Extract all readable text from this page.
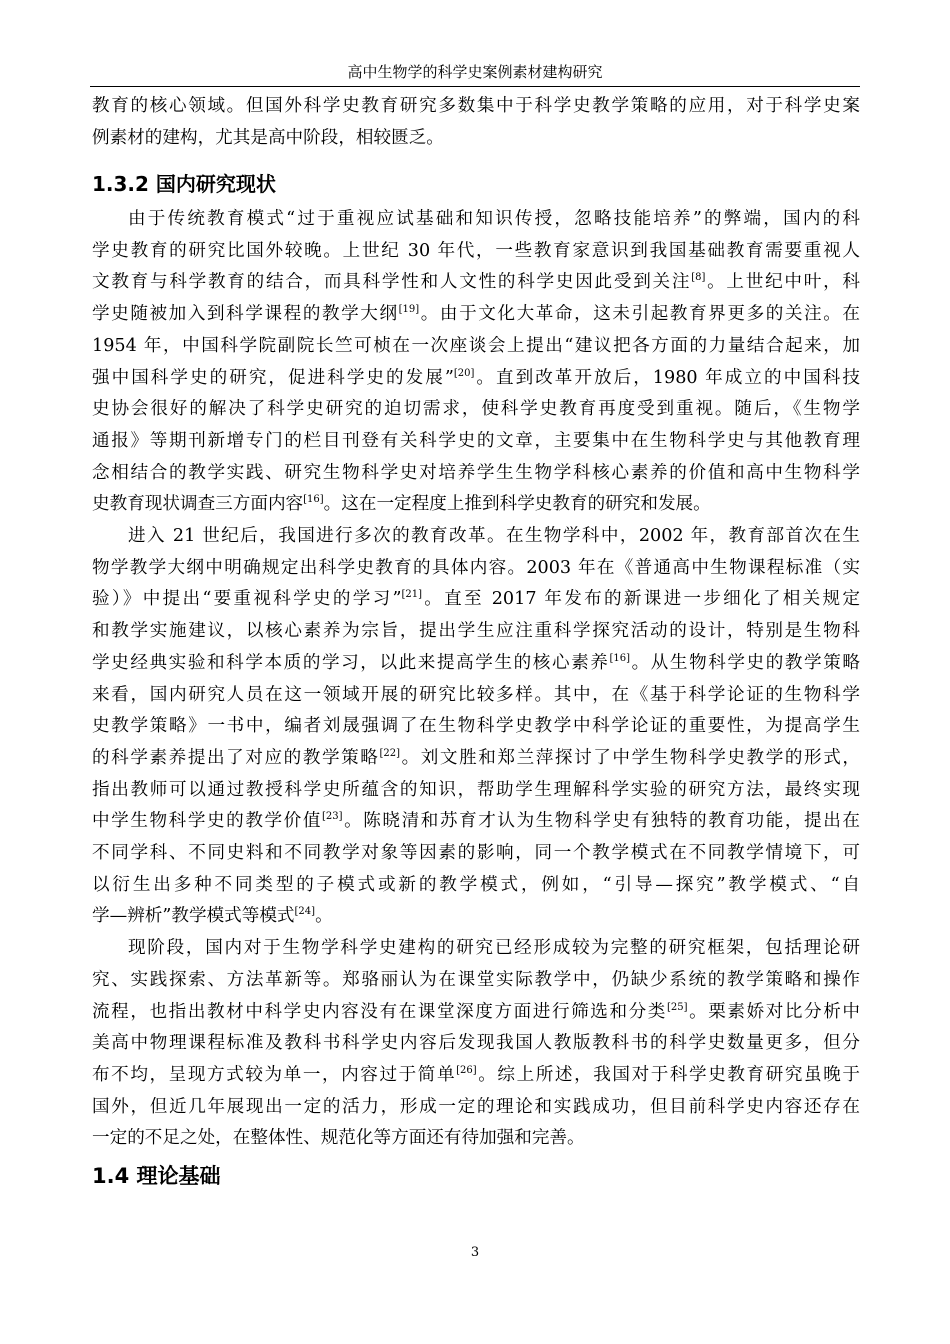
高中生物学的科学史案例素材建构研究
教育的核心领域。但国外科学史教育研究多数集中于科学史教学策略的应用，对于科学史案
例素材的建构，尤其是高中阶段，相较匮乏。
1.3.2 国内研究现状
由于传统教育模式“过于重视应试基础和知识传授，忽略技能培养”的弊端，国内的科
学史教育的研究比国外较晚。上世纪 30 年代，一些教育家意识到我国基础教育需要重视人
文教育与科学教育的结合，而具科学性和人文性的科学史因此受到关注[8]。上世纪中叶，科
学史随被加入到科学课程的教学大纲[19]。由于文化大革命，这未引起教育界更多的关注。在
1954 年，中国科学院副院长竺可桢在一次座谈会上提出“建议把各方面的力量结合起来，加
强中国科学史的研究，促进科学史的发展”[20]。直到改革开放后，1980 年成立的中国科技
史协会很好的解决了科学史研究的迫切需求，使科学史教育再度受到重视。随后，《生物学
通报》等期刊新增专门的栏目刊登有关科学史的文章，主要集中在生物科学史与其他教育理
念相结合的教学实践、研究生物科学史对培养学生生物学科核心素养的价值和高中生物科学
史教育现状调查三方面内容[16]。这在一定程度上推到科学史教育的研究和发展。
进入 21 世纪后，我国进行多次的教育改革。在生物学科中，2002 年，教育部首次在生
物学教学大纲中明确规定出科学史教育的具体内容。2003 年在《普通高中生物课程标准（实
验）》中提出“要重视科学史的学习”[21]。直至 2017 年发布的新课进一步细化了相关规定
和教学实施建议，以核心素养为宗旨，提出学生应注重科学探究活动的设计，特别是生物科
学史经典实验和科学本质的学习，以此来提高学生的核心素养[16]。从生物科学史的教学策略
来看，国内研究人员在这一领域开展的研究比较多样。其中，在《基于科学论证的生物科学
史教学策略》一书中，编者刘晟强调了在生物科学史教学中科学论证的重要性，为提高学生
的科学素养提出了对应的教学策略[22]。刘文胜和郑兰萍探讨了中学生物科学史教学的形式，
指出教师可以通过教授科学史所蕴含的知识，帮助学生理解科学实验的研究方法，最终实现
中学生物科学史的教学价值[23]。陈晓清和苏育才认为生物科学史有独特的教育功能，提出在
不同学科、不同史料和不同教学对象等因素的影响，同一个教学模式在不同教学情境下，可
以衍生出多种不同类型的子模式或新的教学模式，例如，“引导—探究”教学模式、“自
学—辨析”教学模式等模式[24]。
现阶段，国内对于生物学科学史建构的研究已经形成较为完整的研究框架，包括理论研
究、实践探索、方法革新等。郑骆丽认为在课堂实际教学中，仍缺少系统的教学策略和操作
流程，也指出教材中科学史内容没有在课堂深度方面进行筛选和分类[25]。栗素娇对比分析中
美高中物理课程标准及教科书科学史内容后发现我国人教版教科书的科学史数量更多，但分
布不均，呈现方式较为单一，内容过于简单[26]。综上所述，我国对于科学史教育研究虽晚于
国外，但近几年展现出一定的活力，形成一定的理论和实践成功，但目前科学史内容还存在
一定的不足之处，在整体性、规范化等方面还有待加强和完善。
1.4 理论基础
3
